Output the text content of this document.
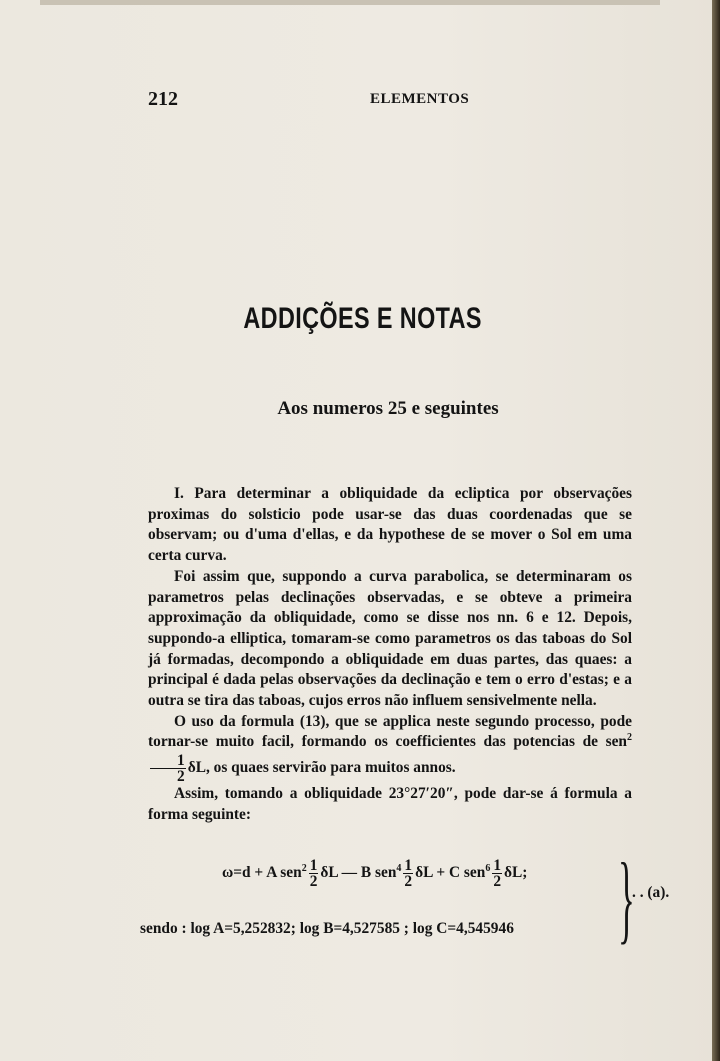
212	ELEMENTOS
ADDIÇÕES E NOTAS
Aos numeros 25 e seguintes

I. Para determinar a obliquidade da ecliptica por observações proximas do solsticio pode usar-se das duas coordenadas que se observam; ou d'uma d'ellas, e da hypothese de se mover o Sol em uma certa curva.

Foi assim que, suppondo a curva parabolica, se determinaram os parametros pelas declinações observadas, e se obteve a primeira approximação da obliquidade, como se disse nos nn. 6 e 12. Depois, suppondo-a elliptica, tomaram-se como parametros os das taboas do Sol já formadas, decompondo a obliquidade em duas partes, das quaes: a principal é dada pelas observações da declinação e tem o erro d'estas; e a outra se tira das taboas, cujos erros não influem sensivelmente nella.

O uso da formula (13), que se applica neste segundo processo, pode tornar-se muito facil, formando os coefficientes das potencias de sen$^2$
$\frac{1}{2} \delta L$, os quaes servirão para muitos annos.

Assim, tomando a obliquidade 23°27′20″, pode dar-se á formula a forma seguinte:

ω=d + A $sen^2 \frac{1}{2}$ δL — B $sen^4 \frac{1}{2}$ δL + C $sen^6 \frac{1}{2} \delta L$;
sendo : log A=5,252832; log B=4,527585 ; log C=4,545946 }
. . (a).
